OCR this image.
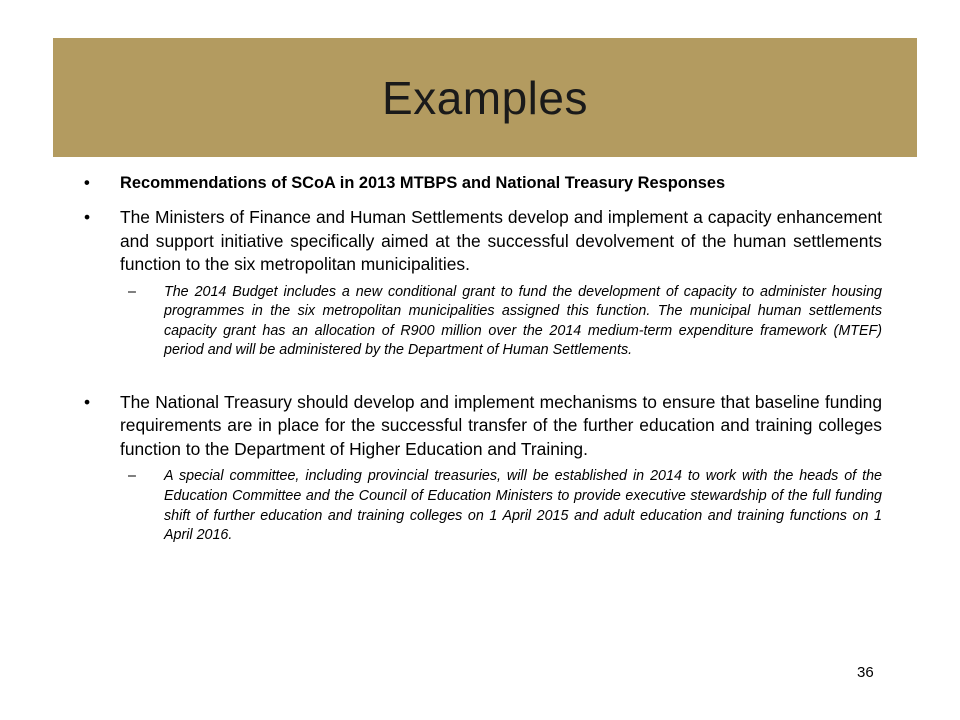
Examples
•	Recommendations of SCoA in 2013 MTBPS and National Treasury Responses
•	The Ministers of Finance and Human Settlements develop and implement a capacity enhancement and support initiative specifically aimed at the successful devolvement of the human settlements function to the six metropolitan municipalities.
– The 2014 Budget includes a new conditional grant to fund the development of capacity to administer housing programmes in the six metropolitan municipalities assigned this function. The municipal human settlements capacity grant has an allocation of R900 million over the 2014 medium-term expenditure framework (MTEF) period and will be administered by the Department of Human Settlements.
•	The National Treasury should develop and implement mechanisms to ensure that baseline funding requirements are in place for the successful transfer of the further education and training colleges function to the Department of Higher Education and Training.
– A special committee, including provincial treasuries, will be established in 2014 to work with the heads of the Education Committee and the Council of Education Ministers to provide executive stewardship of the full funding shift of further education and training colleges on 1 April 2015 and adult education and training functions on 1 April 2016.
36
